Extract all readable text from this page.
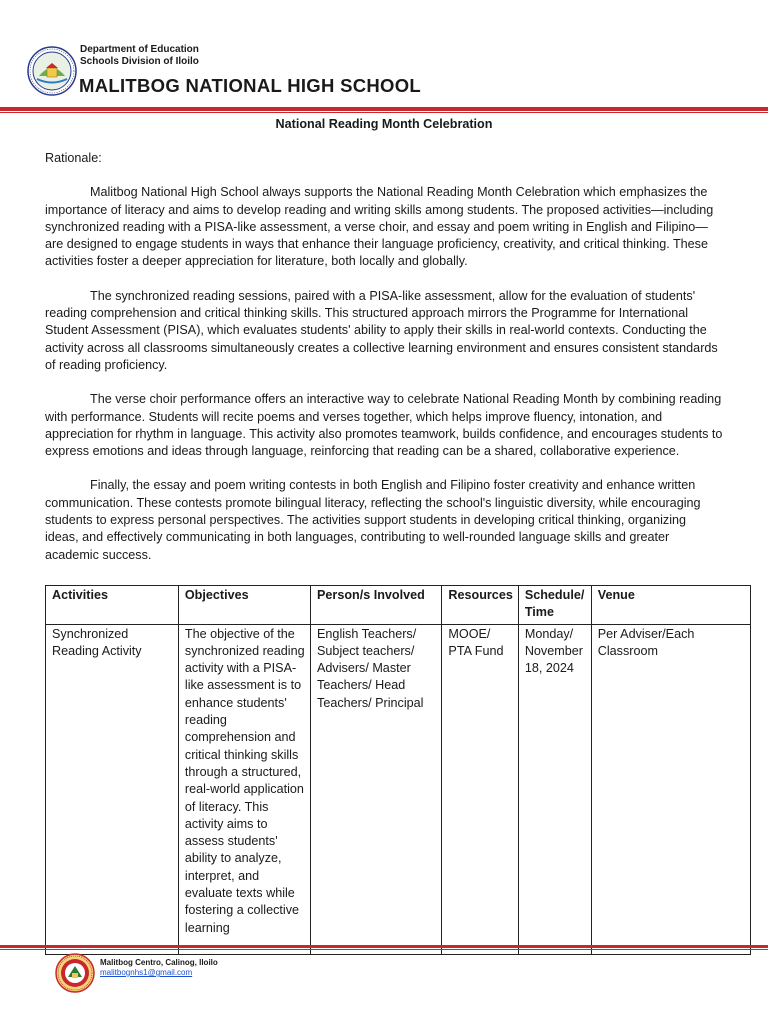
Department of Education
Schools Division of Iloilo
MALITBOG NATIONAL HIGH SCHOOL
National Reading Month Celebration
Rationale:

Malitbog National High School always supports the National Reading Month Celebration which emphasizes the importance of literacy and aims to develop reading and writing skills among students. The proposed activities—including synchronized reading with a PISA-like assessment, a verse choir, and essay and poem writing in English and Filipino—are designed to engage students in ways that enhance their language proficiency, creativity, and critical thinking. These activities foster a deeper appreciation for literature, both locally and globally.

The synchronized reading sessions, paired with a PISA-like assessment, allow for the evaluation of students' reading comprehension and critical thinking skills. This structured approach mirrors the Programme for International Student Assessment (PISA), which evaluates students' ability to apply their skills in real-world contexts. Conducting the activity across all classrooms simultaneously creates a collective learning environment and ensures consistent standards of reading proficiency.

The verse choir performance offers an interactive way to celebrate National Reading Month by combining reading with performance. Students will recite poems and verses together, which helps improve fluency, intonation, and appreciation for rhythm in language. This activity also promotes teamwork, builds confidence, and encourages students to express emotions and ideas through language, reinforcing that reading can be a shared, collaborative experience.

Finally, the essay and poem writing contests in both English and Filipino foster creativity and enhance written communication. These contests promote bilingual literacy, reflecting the school's linguistic diversity, while encouraging students to express personal perspectives. The activities support students in developing critical thinking, organizing ideas, and effectively communicating in both languages, contributing to well-rounded language skills and greater academic success.

Activities	Objectives	Person/s Involved	Resources	Schedule/ Time	Venue
Synchronized Reading Activity	The objective of the synchronized reading activity with a PISA-like assessment is to enhance students' reading comprehension and critical thinking skills through a structured, real-world application of literacy. This activity aims to assess students' ability to analyze, interpret, and evaluate texts while fostering a collective learning	English Teachers/ Subject teachers/ Advisers/ Master Teachers/ Head Teachers/ Principal	MOOE/ PTA Fund	Monday/ November 18, 2024	Per Adviser/Each Classroom
Malitbog Centro, Calinog, Iloilo
malitbognhs1@gmail.com
